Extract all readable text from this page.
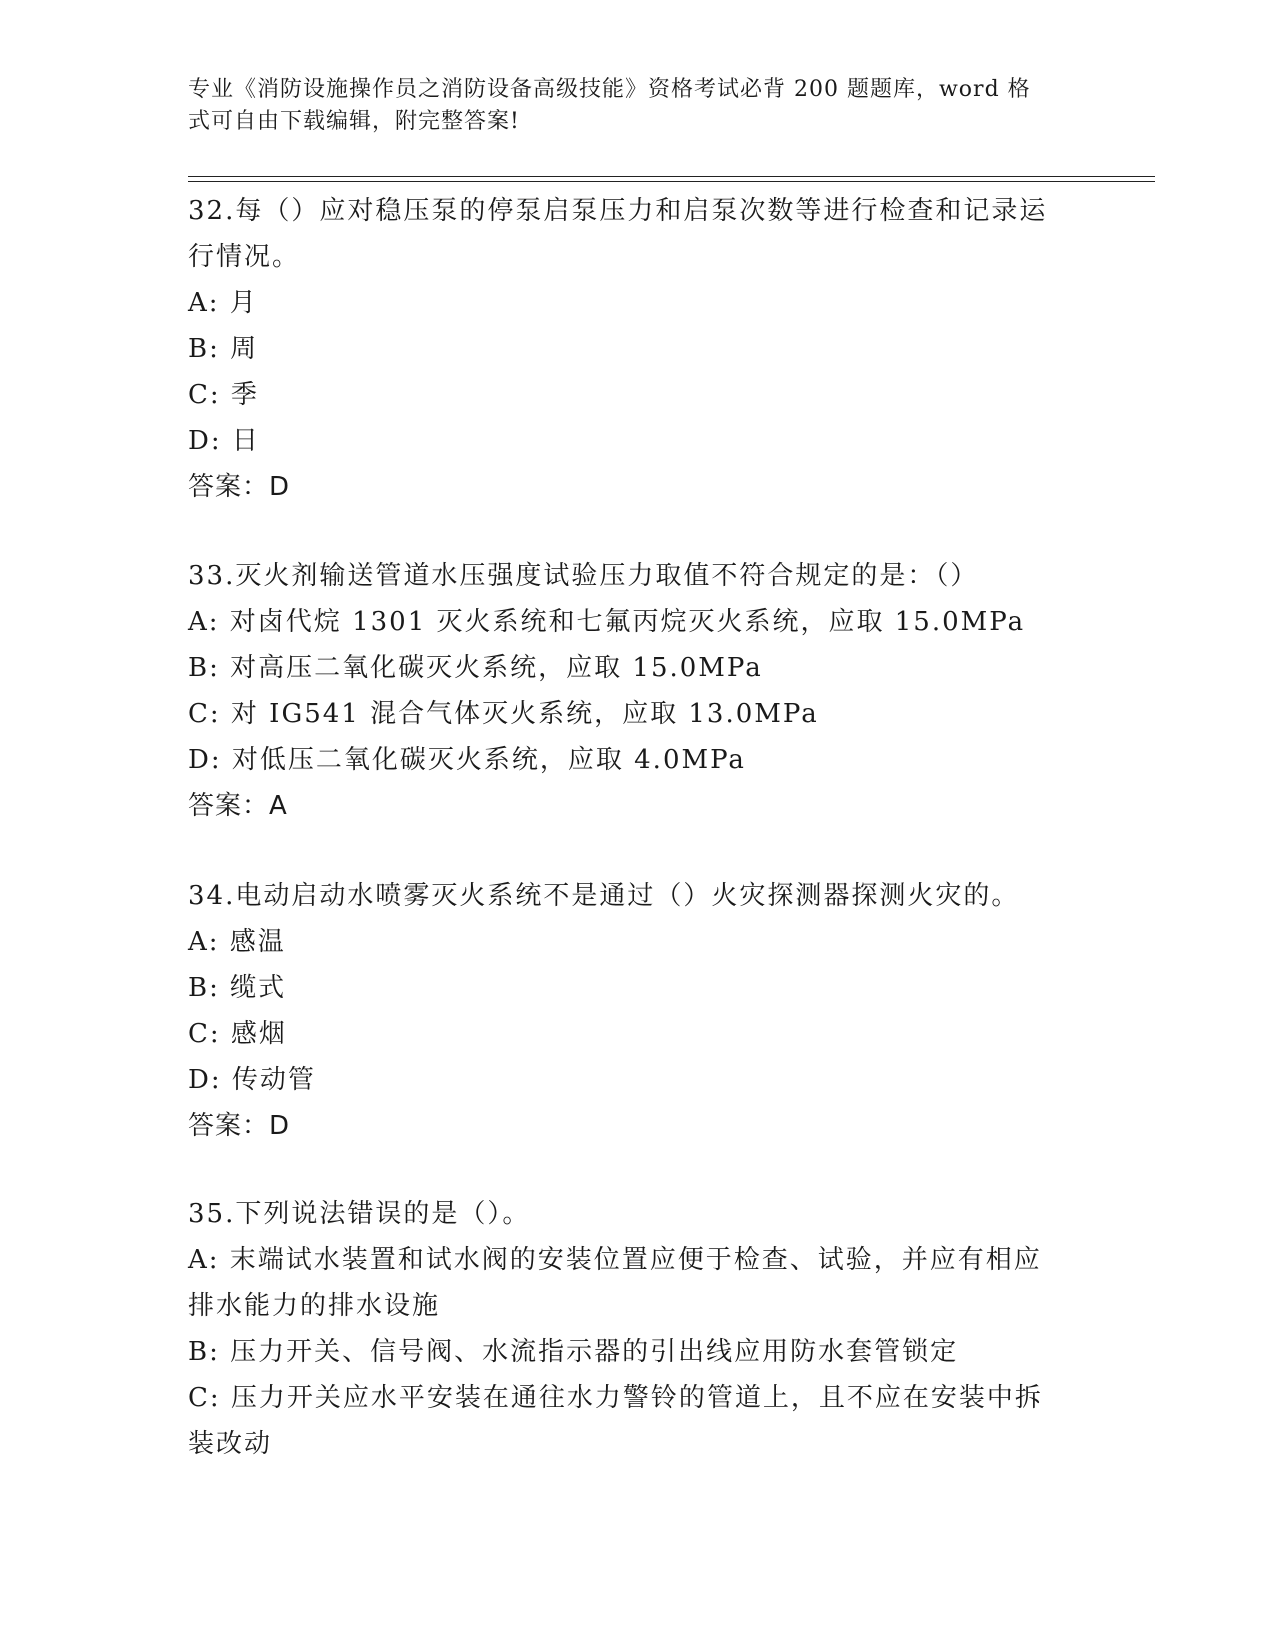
专业《消防设施操作员之消防设备高级技能》资格考试必背 200 题题库，word 格
式可自由下载编辑，附完整答案!

32.每（）应对稳压泵的停泵启泵压力和启泵次数等进行检查和记录运

行情况。

A: 月

B: 周

C: 季

D: 日

答案：D

33.灭火剂输送管道水压强度试验压力取值不符合规定的是：（）

A: 对卤代烷 1301 灭火系统和七氟丙烷灭火系统，应取 15.0MPa

B: 对高压二氧化碳灭火系统，应取 15.0MPa

C: 对 IG541 混合气体灭火系统，应取 13.0MPa

D: 对低压二氧化碳灭火系统，应取 4.0MPa

答案：A

34.电动启动水喷雾灭火系统不是通过（）火灾探测器探测火灾的。

A: 感温

B: 缆式

C: 感烟

D: 传动管

答案：D

35.下列说法错误的是（）。

A: 末端试水装置和试水阀的安装位置应便于检查、试验，并应有相应

排水能力的排水设施

B: 压力开关、信号阀、水流指示器的引出线应用防水套管锁定

C: 压力开关应水平安装在通往水力警铃的管道上，且不应在安装中拆

装改动
